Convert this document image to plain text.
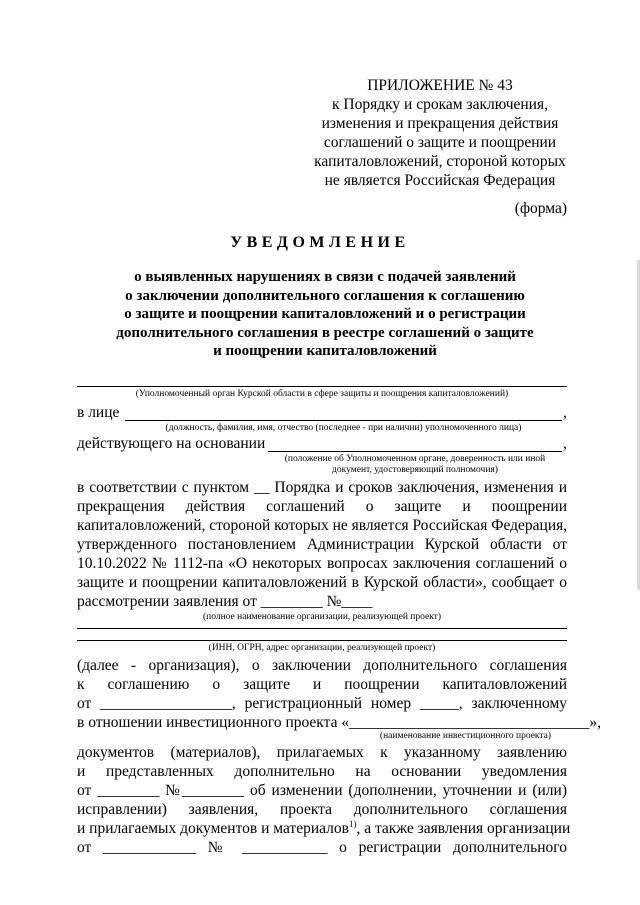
ПРИЛОЖЕНИЕ № 43
к Порядку и срокам заключения,
изменения и прекращения действия
соглашений о защите и поощрении
капиталовложений, стороной которых
не является Российская Федерация
(форма)
УВЕДОМЛЕНИЕ
о выявленных нарушениях в связи с подачей заявлений
о заключении дополнительного соглашения к соглашению
о защите и поощрении капиталовложений и о регистрации
дополнительного соглашения в реестре соглашений о защите
и поощрении капиталовложений
(Уполномоченный орган Курской области в сфере защиты и поощрения капиталовложений)
в лице	,
(должность, фамилия, имя, отчество (последнее - при наличии) уполномоченного лица)
действующего на основании	,
(положение об Уполномоченном органе, доверенность или иной
документ, удостоверяющий полномочия)
в соответствии с пунктом __ Порядка и сроков заключения, изменения и
прекращения действия соглашений о защите и поощрении
капиталовложений, стороной которых не является Российская Федерация,
утвержденного постановлением Администрации Курской области от
10.10.2022 № 1112-па «О некоторых вопросах заключения соглашений о
защите и поощрении капиталовложений в Курской области», сообщает о
рассмотрении заявления от ________ №____
(полное наименование организации, реализующей проект)
(ИНН, ОГРН, адрес организации, реализующей проект)
(далее - организация), о заключении дополнительного соглашения
к соглашению о защите и поощрении капиталовложений
от _________________, регистрационный номер _____, заключенному
в отношении инвестиционного проекта «_______________________________»,
(наименование инвестиционного проекта)
документов (материалов), прилагаемых к указанному заявлению
и представленных дополнительно на основании уведомления
от ________ №________ об изменении (дополнении, уточнении и (или)
исправлении) заявления, проекта дополнительного соглашения
и прилагаемых документов и материалов$^{1)}$, а также заявления организации
от ____________ № ___________ о регистрации дополнительного
